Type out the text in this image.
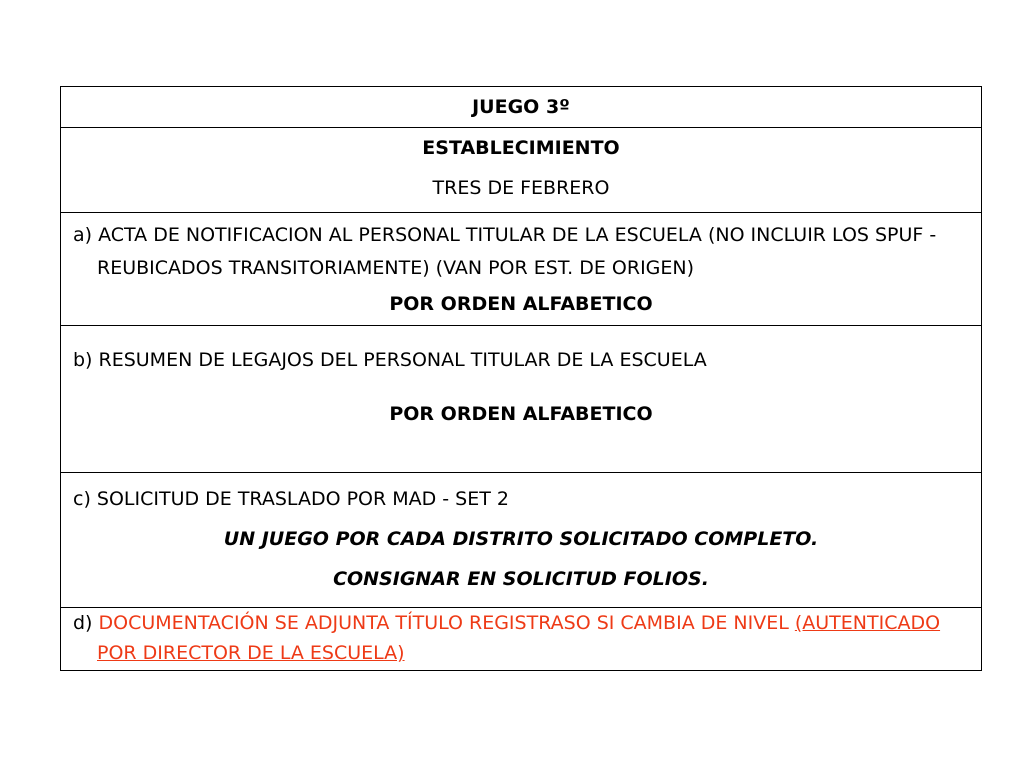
JUEGO 3º

ESTABLECIMIENTO
TRES DE FEBRERO

a) ACTA DE NOTIFICACION AL PERSONAL TITULAR DE LA ESCUELA (NO INCLUIR LOS SPUF - REUBICADOS TRANSITORIAMENTE) (VAN POR EST. DE ORIGEN)
POR ORDEN ALFABETICO

b) RESUMEN DE LEGAJOS DEL PERSONAL TITULAR DE LA ESCUELA
POR ORDEN ALFABETICO

c) SOLICITUD DE TRASLADO POR MAD - SET 2
UN JUEGO POR CADA DISTRITO SOLICITADO COMPLETO.
CONSIGNAR EN SOLICITUD FOLIOS.

d) DOCUMENTACIÓN SE ADJUNTA TÍTULO REGISTRASO SI CAMBIA DE NIVEL (AUTENTICADO POR DIRECTOR DE LA ESCUELA)
